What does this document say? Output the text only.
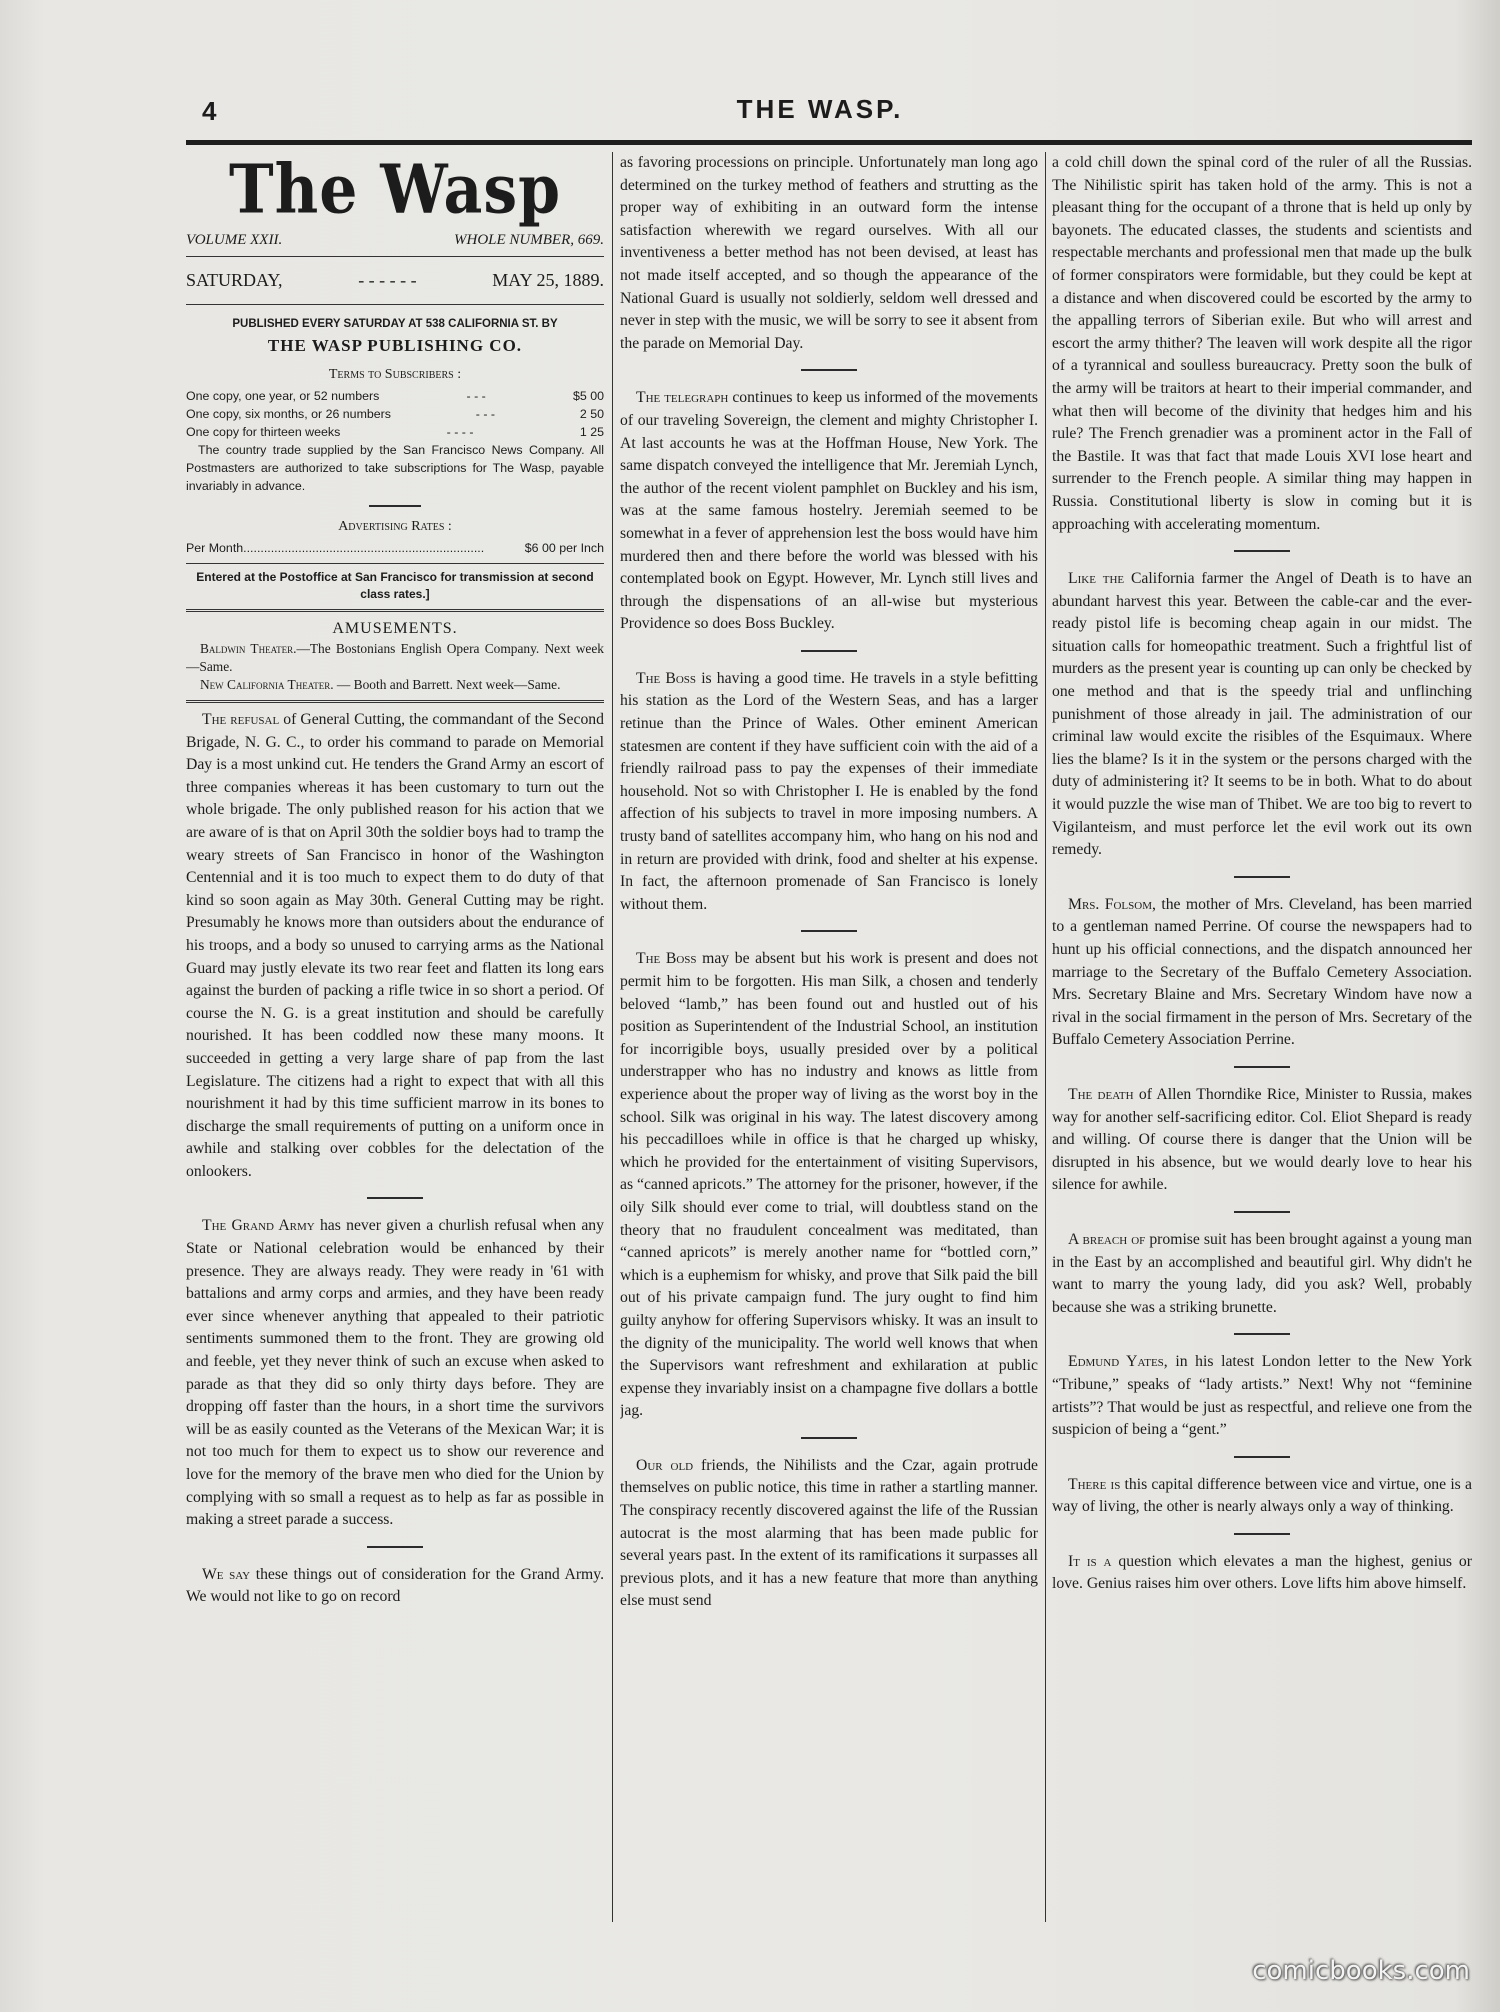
4	THE WASP.
The Wasp
VOLUME XXII.	WHOLE NUMBER, 669.
SATURDAY,	- - - - - -	MAY 25, 1889.
PUBLISHED EVERY SATURDAY AT 538 CALIFORNIA ST. BY
THE WASP PUBLISHING CO.
Terms to Subscribers :
One copy, one year, or 52 numbers	- - -	$5 00
One copy, six months, or 26 numbers	- - -	2 50
One copy for thirteen weeks	- - - -	1 25
The country trade supplied by the San Francisco News Company. All Postmasters are authorized to take subscriptions for The Wasp, payable invariably in advance.
Advertising Rates :
Per Month ......................................................................	$6 00 per Inch
Entered at the Postoffice at San Francisco for transmission at second class rates.]
AMUSEMENTS.

Baldwin Theater.—The Bostonians English Opera Company. Next week—Same.

New California Theater. — Booth and Barrett. Next week—Same.

The refusal of General Cutting, the commandant of the Second Brigade, N. G. C., to order his command to parade on Memorial Day is a most unkind cut. He tenders the Grand Army an escort of three companies whereas it has been customary to turn out the whole brigade. The only published reason for his action that we are aware of is that on April 30th the soldier boys had to tramp the weary streets of San Francisco in honor of the Washington Centennial and it is too much to expect them to do duty of that kind so soon again as May 30th. General Cutting may be right. Presumably he knows more than outsiders about the endurance of his troops, and a body so unused to carrying arms as the National Guard may justly elevate its two rear feet and flatten its long ears against the burden of packing a rifle twice in so short a period. Of course the N. G. is a great institution and should be carefully nourished. It has been coddled now these many moons. It succeeded in getting a very large share of pap from the last Legislature. The citizens had a right to expect that with all this nourishment it had by this time sufficient marrow in its bones to discharge the small requirements of putting on a uniform once in awhile and stalking over cobbles for the delectation of the onlookers.

The Grand Army has never given a churlish refusal when any State or National celebration would be enhanced by their presence. They are always ready. They were ready in '61 with battalions and army corps and armies, and they have been ready ever since whenever anything that appealed to their patriotic sentiments summoned them to the front. They are growing old and feeble, yet they never think of such an excuse when asked to parade as that they did so only thirty days before. They are dropping off faster than the hours, in a short time the survivors will be as easily counted as the Veterans of the Mexican War; it is not too much for them to expect us to show our reverence and love for the memory of the brave men who died for the Union by complying with so small a request as to help as far as possible in making a street parade a success.

We say these things out of consideration for the Grand Army. We would not like to go on record

as favoring processions on principle. Unfortunately man long ago determined on the turkey method of feathers and strutting as the proper way of exhibiting in an outward form the intense satisfaction wherewith we regard ourselves. With all our inventiveness a better method has not been devised, at least has not made itself accepted, and so though the appearance of the National Guard is usually not soldierly, seldom well dressed and never in step with the music, we will be sorry to see it absent from the parade on Memorial Day.

The telegraph continues to keep us informed of the movements of our traveling Sovereign, the clement and mighty Christopher I. At last accounts he was at the Hoffman House, New York. The same dispatch conveyed the intelligence that Mr. Jeremiah Lynch, the author of the recent violent pamphlet on Buckley and his ism, was at the same famous hostelry. Jeremiah seemed to be somewhat in a fever of apprehension lest the boss would have him murdered then and there before the world was blessed with his contemplated book on Egypt. However, Mr. Lynch still lives and through the dispensations of an all-wise but mysterious Providence so does Boss Buckley.

The Boss is having a good time. He travels in a style befitting his station as the Lord of the Western Seas, and has a larger retinue than the Prince of Wales. Other eminent American statesmen are content if they have sufficient coin with the aid of a friendly railroad pass to pay the expenses of their immediate household. Not so with Christopher I. He is enabled by the fond affection of his subjects to travel in more imposing numbers. A trusty band of satellites accompany him, who hang on his nod and in return are provided with drink, food and shelter at his expense. In fact, the afternoon promenade of San Francisco is lonely without them.

The Boss may be absent but his work is present and does not permit him to be forgotten. His man Silk, a chosen and tenderly beloved “lamb,” has been found out and hustled out of his position as Superintendent of the Industrial School, an institution for incorrigible boys, usually presided over by a political understrapper who has no industry and knows as little from experience about the proper way of living as the worst boy in the school. Silk was original in his way. The latest discovery among his peccadilloes while in office is that he charged up whisky, which he provided for the entertainment of visiting Supervisors, as “canned apricots.” The attorney for the prisoner, however, if the oily Silk should ever come to trial, will doubtless stand on the theory that no fraudulent concealment was meditated, than “canned apricots” is merely another name for “bottled corn,” which is a euphemism for whisky, and prove that Silk paid the bill out of his private campaign fund. The jury ought to find him guilty anyhow for offering Supervisors whisky. It was an insult to the dignity of the municipality. The world well knows that when the Supervisors want refreshment and exhilaration at public expense they invariably insist on a champagne five dollars a bottle jag.

Our old friends, the Nihilists and the Czar, again protrude themselves on public notice, this time in rather a startling manner. The conspiracy recently discovered against the life of the Russian autocrat is the most alarming that has been made public for several years past. In the extent of its ramifications it surpasses all previous plots, and it has a new feature that more than anything else must send

a cold chill down the spinal cord of the ruler of all the Russias. The Nihilistic spirit has taken hold of the army. This is not a pleasant thing for the occupant of a throne that is held up only by bayonets. The educated classes, the students and scientists and respectable merchants and professional men that made up the bulk of former conspirators were formidable, but they could be kept at a distance and when discovered could be escorted by the army to the appalling terrors of Siberian exile. But who will arrest and escort the army thither? The leaven will work despite all the rigor of a tyrannical and soulless bureaucracy. Pretty soon the bulk of the army will be traitors at heart to their imperial commander, and what then will become of the divinity that hedges him and his rule? The French grenadier was a prominent actor in the Fall of the Bastile. It was that fact that made Louis XVI lose heart and surrender to the French people. A similar thing may happen in Russia. Constitutional liberty is slow in coming but it is approaching with accelerating momentum.

Like the California farmer the Angel of Death is to have an abundant harvest this year. Between the cable-car and the ever-ready pistol life is becoming cheap again in our midst. The situation calls for homeopathic treatment. Such a frightful list of murders as the present year is counting up can only be checked by one method and that is the speedy trial and unflinching punishment of those already in jail. The administration of our criminal law would excite the risibles of the Esquimaux. Where lies the blame? Is it in the system or the persons charged with the duty of administering it? It seems to be in both. What to do about it would puzzle the wise man of Thibet. We are too big to revert to Vigilanteism, and must perforce let the evil work out its own remedy.

Mrs. Folsom, the mother of Mrs. Cleveland, has been married to a gentleman named Perrine. Of course the newspapers had to hunt up his official connections, and the dispatch announced her marriage to the Secretary of the Buffalo Cemetery Association. Mrs. Secretary Blaine and Mrs. Secretary Windom have now a rival in the social firmament in the person of Mrs. Secretary of the Buffalo Cemetery Association Perrine.

The death of Allen Thorndike Rice, Minister to Russia, makes way for another self-sacrificing editor. Col. Eliot Shepard is ready and willing. Of course there is danger that the Union will be disrupted in his absence, but we would dearly love to hear his silence for awhile.

A breach of promise suit has been brought against a young man in the East by an accomplished and beautiful girl. Why didn't he want to marry the young lady, did you ask? Well, probably because she was a striking brunette.

Edmund Yates, in his latest London letter to the New York “Tribune,” speaks of “lady artists.” Next! Why not “feminine artists”? That would be just as respectful, and relieve one from the suspicion of being a “gent.”

There is this capital difference between vice and virtue, one is a way of living, the other is nearly always only a way of thinking.

It is a question which elevates a man the highest, genius or love. Genius raises him over others. Love lifts him above himself.

comicbooks.com
